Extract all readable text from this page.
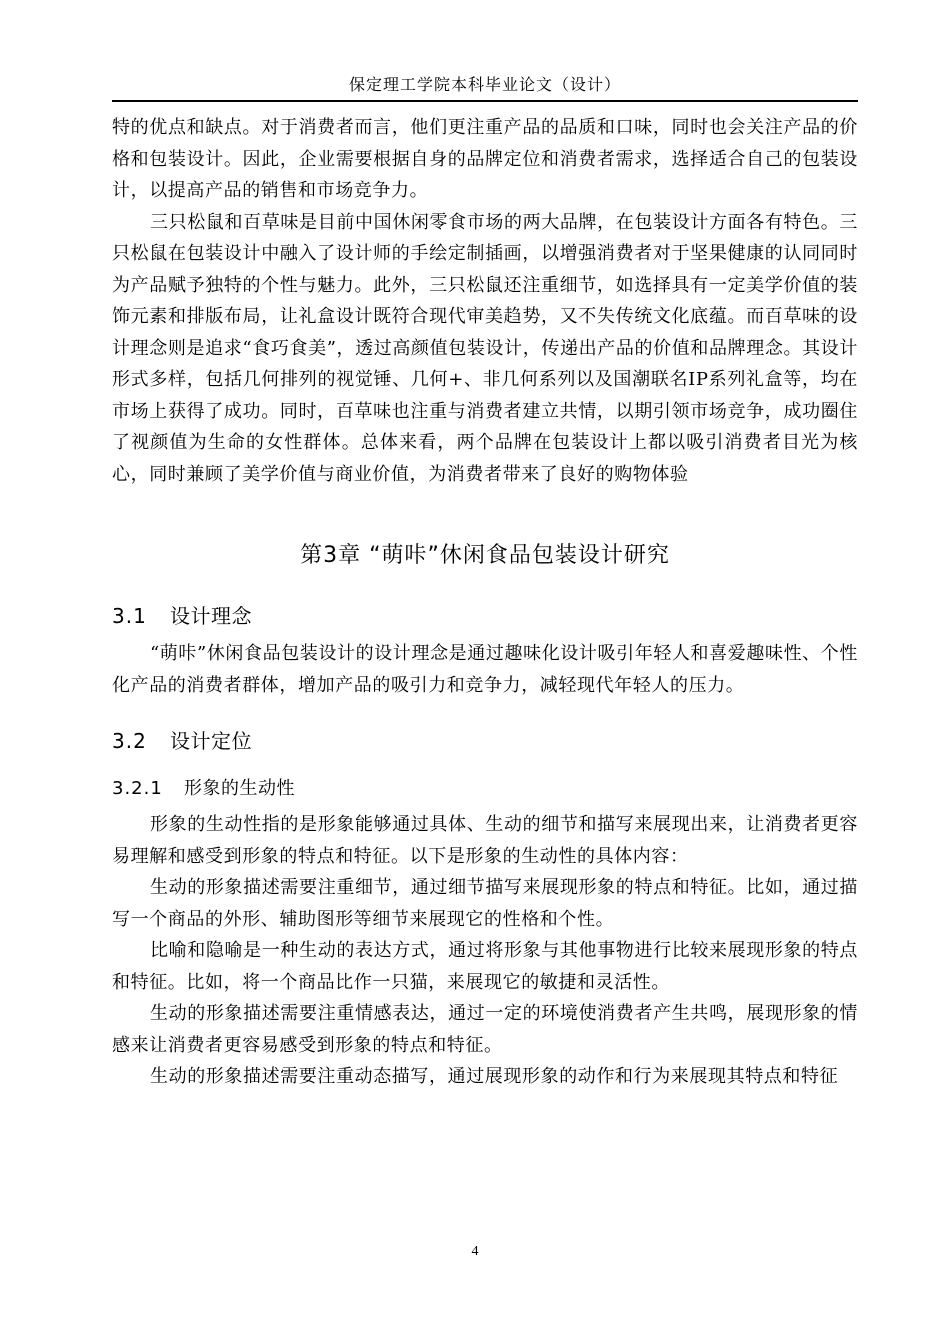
保定理工学院本科毕业论文（设计）

特的优点和缺点。对于消费者而言，他们更注重产品的品质和口味，同时也会关注产品的价格和包装设计。因此，企业需要根据自身的品牌定位和消费者需求，选择适合自己的包装设计，以提高产品的销售和市场竞争力。

三只松鼠和百草味是目前中国休闲零食市场的两大品牌，在包装设计方面各有特色。三只松鼠在包装设计中融入了设计师的手绘定制插画，以增强消费者对于坚果健康的认同同时为产品赋予独特的个性与魅力。此外，三只松鼠还注重细节，如选择具有一定美学价值的装饰元素和排版布局，让礼盒设计既符合现代审美趋势，又不失传统文化底蕴。而百草味的设计理念则是追求“食巧食美”，透过高颜值包装设计，传递出产品的价值和品牌理念。其设计形式多样，包括几何排列的视觉锤、几何+、非几何系列以及国潮联名IP系列礼盒等，均在市场上获得了成功。同时，百草味也注重与消费者建立共情，以期引领市场竞争，成功圈住了视颜值为生命的女性群体。总体来看，两个品牌在包装设计上都以吸引消费者目光为核心，同时兼顾了美学价值与商业价值，为消费者带来了良好的购物体验

第3章 “萌咔”休闲食品包装设计研究
3.1 设计理念

“萌咔”休闲食品包装设计的设计理念是通过趣味化设计吸引年轻人和喜爱趣味性、个性化产品的消费者群体，增加产品的吸引力和竞争力，减轻现代年轻人的压力。

3.2 设计定位
3.2.1 形象的生动性

形象的生动性指的是形象能够通过具体、生动的细节和描写来展现出来，让消费者更容易理解和感受到形象的特点和特征。以下是形象的生动性的具体内容：

生动的形象描述需要注重细节，通过细节描写来展现形象的特点和特征。比如，通过描写一个商品的外形、辅助图形等细节来展现它的性格和个性。

比喻和隐喻是一种生动的表达方式，通过将形象与其他事物进行比较来展现形象的特点和特征。比如，将一个商品比作一只猫，来展现它的敏捷和灵活性。

生动的形象描述需要注重情感表达，通过一定的环境使消费者产生共鸣，展现形象的情感来让消费者更容易感受到形象的特点和特征。

生动的形象描述需要注重动态描写，通过展现形象的动作和行为来展现其特点和特征

4
